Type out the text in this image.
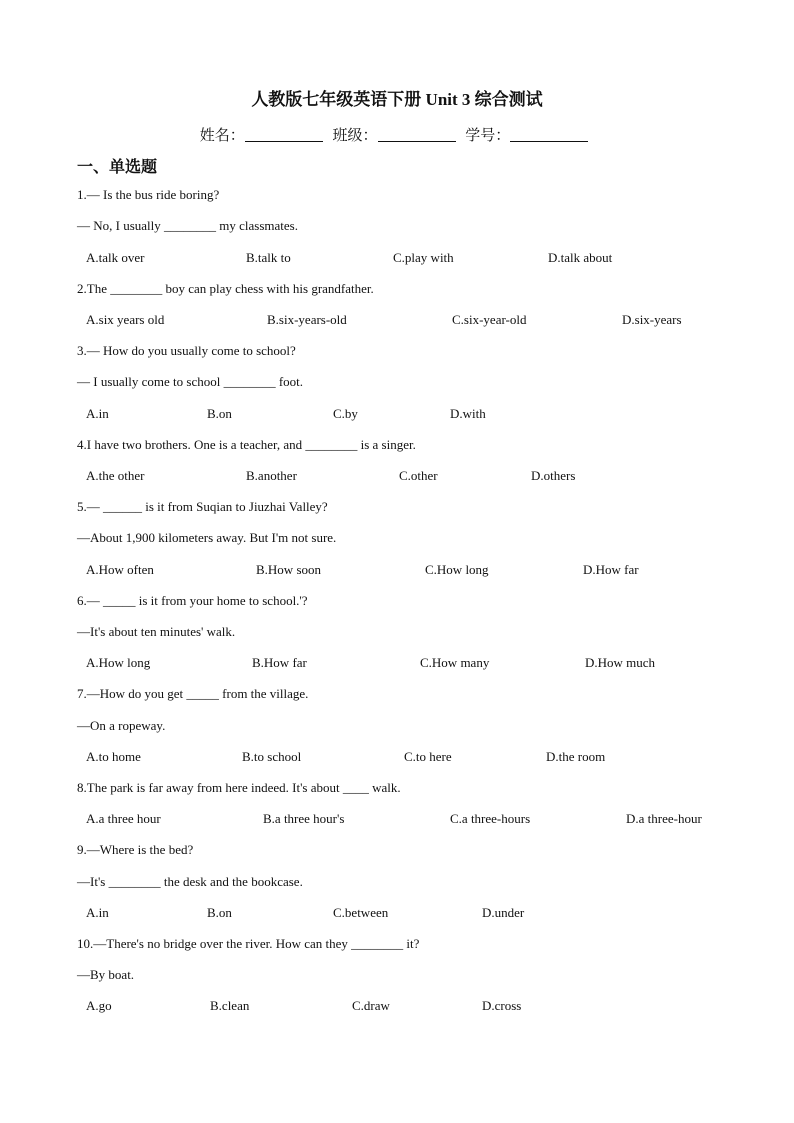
人教版七年级英语下册 Unit 3 综合测试
姓名：	班级：	学号：
一、单选题
1.— Is the bus ride boring?
— No, I usually ________ my classmates.
A.talk over	B.talk to	C.play with	D.talk about
2.The ________ boy can play chess with his grandfather.
A.six years old	B.six-years-old	C.six-year-old	D.six-years
3.— How do you usually come to school?
— I usually come to school ________ foot.
A.in	B.on	C.by	D.with
4.I have two brothers. One is a teacher, and ________ is a singer.
A.the other	B.another	C.other	D.others
5.— ______ is it from Suqian to Jiuzhai Valley?
—About 1,900 kilometers away. But I'm not sure.
A.How often	B.How soon	C.How long	D.How far
6.— _____ is it from your home to school.'?
—It's about ten minutes' walk.
A.How long	B.How far	C.How many	D.How much
7.—How do you get _____ from the village.
—On a ropeway.
A.to home	B.to school	C.to here	D.the room
8.The park is far away from here indeed. It's about ____ walk.
A.a three hour	B.a three hour's	C.a three-hours	D.a three-hour
9.—Where is the bed?
—It's ________ the desk and the bookcase.
A.in	B.on	C.between	D.under
10.—There's no bridge over the river. How can they ________ it?
—By boat.
A.go	B.clean	C.draw	D.cross
